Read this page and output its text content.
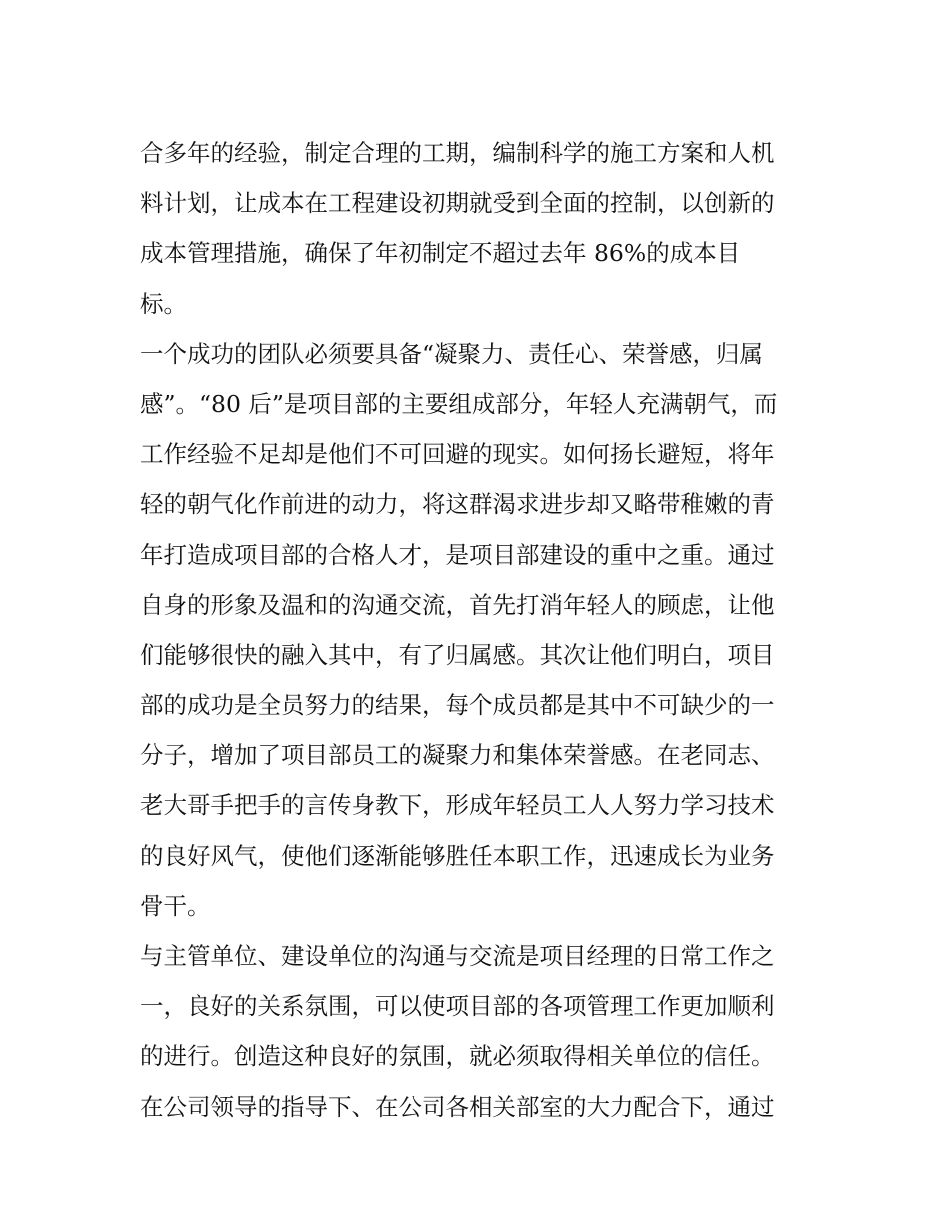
合多年的经验，制定合理的工期，编制科学的施工方案和人机
料计划，让成本在工程建设初期就受到全面的控制，以创新的
成本管理措施，确保了年初制定不超过去年 86%的成本目
标。
一个成功的团队必须要具备“凝聚力、责任心、荣誉感，归属
感”。“80 后”是项目部的主要组成部分，年轻人充满朝气，而
工作经验不足却是他们不可回避的现实。如何扬长避短，将年
轻的朝气化作前进的动力，将这群渴求进步却又略带稚嫩的青
年打造成项目部的合格人才，是项目部建设的重中之重。通过
自身的形象及温和的沟通交流，首先打消年轻人的顾虑，让他
们能够很快的融入其中，有了归属感。其次让他们明白，项目
部的成功是全员努力的结果，每个成员都是其中不可缺少的一
分子，增加了项目部员工的凝聚力和集体荣誉感。在老同志、
老大哥手把手的言传身教下，形成年轻员工人人努力学习技术
的良好风气，使他们逐渐能够胜任本职工作，迅速成长为业务
骨干。
与主管单位、建设单位的沟通与交流是项目经理的日常工作之
一，良好的关系氛围，可以使项目部的各项管理工作更加顺利
的进行。创造这种良好的氛围，就必须取得相关单位的信任。
在公司领导的指导下、在公司各相关部室的大力配合下，通过
